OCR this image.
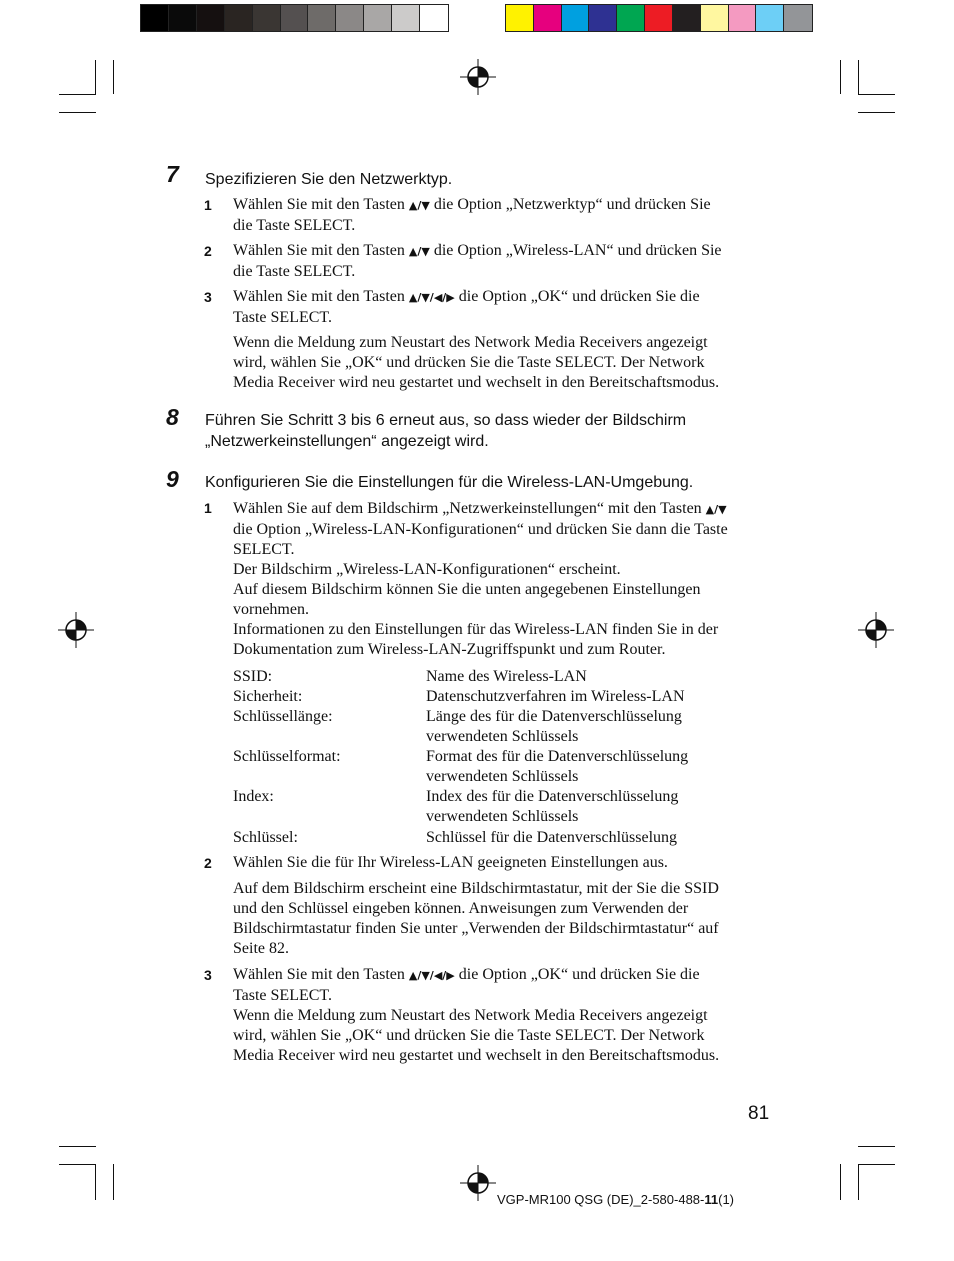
7 Spezifizieren Sie den Netzwerktyp.
1 Wählen Sie mit den Tasten ▲/▼ die Option „Netzwerktyp“ und drücken Sie
die Taste SELECT.
2 Wählen Sie mit den Tasten ▲/▼ die Option „Wireless-LAN“ und drücken Sie
die Taste SELECT.
3 Wählen Sie mit den Tasten ▲/▼/◀/▶ die Option „OK“ und drücken Sie die
Taste SELECT.
Wenn die Meldung zum Neustart des Network Media Receivers angezeigt
wird, wählen Sie „OK“ und drücken Sie die Taste SELECT. Der Network
Media Receiver wird neu gestartet und wechselt in den Bereitschaftsmodus.
8 Führen Sie Schritt 3 bis 6 erneut aus, so dass wieder der Bildschirm
„Netzwerkeinstellungen“ angezeigt wird.
9 Konfigurieren Sie die Einstellungen für die Wireless-LAN-Umgebung.
1 Wählen Sie auf dem Bildschirm „Netzwerkeinstellungen“ mit den Tasten ▲/▼
die Option „Wireless-LAN-Konfigurationen“ und drücken Sie dann die Taste
SELECT.
Der Bildschirm „Wireless-LAN-Konfigurationen“ erscheint.
Auf diesem Bildschirm können Sie die unten angegebenen Einstellungen
vornehmen.
Informationen zu den Einstellungen für das Wireless-LAN finden Sie in der
Dokumentation zum Wireless-LAN-Zugriffspunkt und zum Router.
SSID:	Name des Wireless-LAN
Sicherheit:	Datenschutzverfahren im Wireless-LAN
Schlüssellänge:	Länge des für die Datenverschlüsselung
verwendeten Schlüssels
Schlüsselformat:	Format des für die Datenverschlüsselung
verwendeten Schlüssels
Index:	Index des für die Datenverschlüsselung
verwendeten Schlüssels
Schlüssel:	Schlüssel für die Datenverschlüsselung
2 Wählen Sie die für Ihr Wireless-LAN geeigneten Einstellungen aus.
Auf dem Bildschirm erscheint eine Bildschirmtastatur, mit der Sie die SSID
und den Schlüssel eingeben können. Anweisungen zum Verwenden der
Bildschirmtastatur finden Sie unter „Verwenden der Bildschirmtastatur“ auf
Seite 82.
3 Wählen Sie mit den Tasten ▲/▼/◀/▶ die Option „OK“ und drücken Sie die
Taste SELECT.
Wenn die Meldung zum Neustart des Network Media Receivers angezeigt
wird, wählen Sie „OK“ und drücken Sie die Taste SELECT. Der Network
Media Receiver wird neu gestartet und wechselt in den Bereitschaftsmodus.
81
VGP-MR100 QSG (DE)_2-580-488-11(1)
